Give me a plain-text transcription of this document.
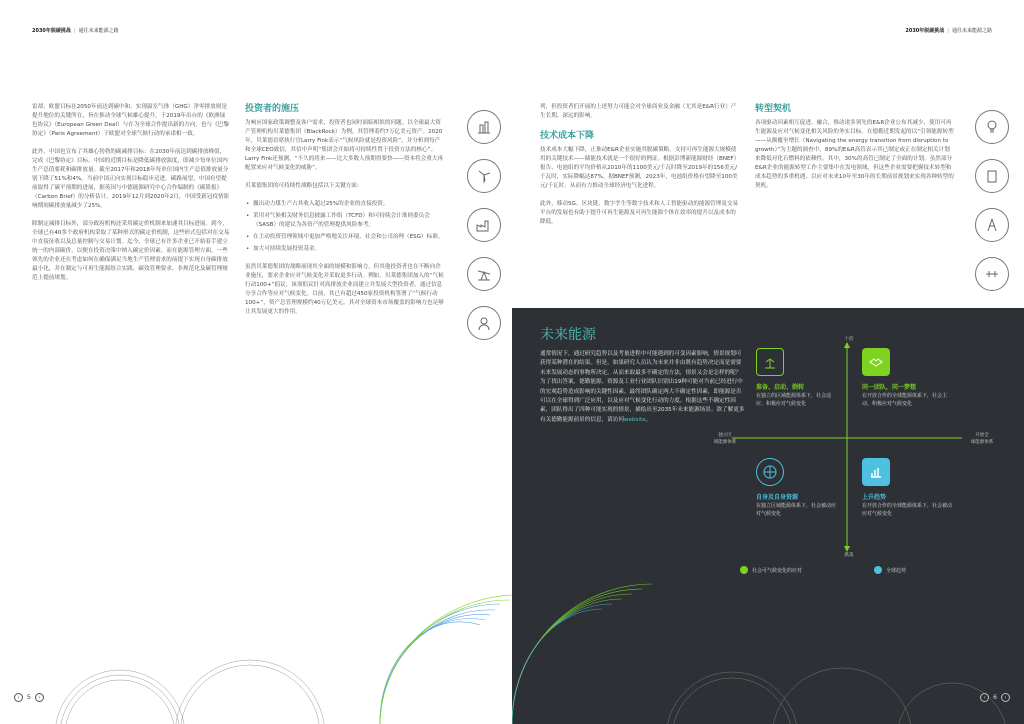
2030年脱碳挑战 | 通往未来能源之路

雷却，欧盟目标在2050年前达到碳中和。实现温室气体（GHG）净零排放则是提升地位的关键所在，旨在推动全球气候雄心提升，于2019年出台的《欧洲绿色协议》（European Green Deal）与在为全球合作提出新的方向，也与《巴黎协定》（Paris Agreement）下欧盟对全球气候行动的承诺相一致。

此外，中国也宣布了其雄心勃勃的碳减排目标：在2030年前达到碳排放峰值，完成《巴黎协定》目标。中国的近期目标是降低碳排放强度，即减少每单位国内生产总值要耗和碳排放量。截至2017年和2018年每单位国内生产总值排放量分别下降了51%和4%。当前中国正向实现目标稳步迈进。碳路展望，中国有望提前取得了碳平预期的进展，据英国与中德能源研究中心合作编制的《碳简报》（Carbon Brief）的分析估计，2019年12月到2020年2月，中国受新冠疫情影响期间碳排放量减少了25%。

除制定减排目标外，部分政府机构还采用碳定价机制来加速其目标进展。到今，全球已有40多个政府机构采取了某种形式的碳定价机制，这些形式包括对在交易中直接征收以及总量控制与交易计划。迄今，全球已有许多企业已开始着手建立统一的内部碳价，以便在投资决策中纳入碳定价因素。而在能源管理方面，一些领先的企业还在考虑如何在确保满足当地生产管理需求的前提下实现自身碳排放最小化，并在制定与可再生能源组合实践、碳效管理要求、非规范化及碳管理规范上提前规划。

投资者的施压

为响应国家政策调整及客户需求，投资者也同时面临相似的问题。以全球最大资产管理机构贝莱德集团（BlackRock）为例，其管理着约7万亿美元资产。2020年，贝莱德首席执行官Larry Fink表示“气候风险就是投资风险”，并分析到每产和全球CEO致信，其信中声明“集团会开始将可持续性置于投资方法的核心”。Larry Fink还预测，“不久的将来——比大多数人预期得要快——资本将会重大再配置来应对气候变化的威胁”。

贝莱德集团的可持续性战略包括以下关键方面：

• 撤出动力煤生产占其收入超过25%的企业的直接投资。
• 采用对气候相关财务信息披露工作组（TCFD）和可持续会计准则委员会（SASB）的建议为各资产的管理提供风险参考。
• 在主动投资管理领域中更加严格地关注环境、社会和公司治理（ESG）标准。
• 加大可持续发展投资基金。

虽然贝莱德集团的战略展现其全面的规模和影响力，但其他投资者也在不断向企业施压，要求企业应对气候变化并采取更多行动。例如，贝莱德集团加入的“气候行动100+”倡议，该项倡议针对高排放企业而建立并发展大型投资者，通过信息分享合作等应对气候变化。目前，其已有超过450家投资机构签署了“气候行动100+”，资产总管理规模约40万亿美元，其对全球资本市场覆盖的影响力也足够让其发展更大的作用。

‹	5	›
2030年脱碳挑战 | 通往未来能源之路

列，但投资者们开展的上述努力可能会对全球商业及金融（尤其是E&R行业）产生长期、深远的影响。

技术成本下降

技术成本大幅下降，正推动E&R企业实施其脱碳策略。支持可再生能源大规模使用的关键技术——储能技术就是一个很好的例证。根据彭博新能源财经（BNEF）报告，电池组的平均价格从2010年的1100美元/千瓦时降至2019年的156美元/千瓦时，实际降幅达87%。据BNEF预测，2023年，电池组价格有望降至100美元/千瓦时，从而有力推动全球经济电气化进程。

此外，移动5G、区块链、数字孪生等数字技术和人工智能驱动的能源管理及交易平台的发展也有助于提升可再生能源及可再生能源个体在效率的提升以及成本的降低。

转型契机

各项驱动因素相互促进、融合，推动诸多领先的E&R企业公布其减少、使用可再生能源及应对气候变化相关风险的务实目标。在德勤近期发起的以“引领能源转型——从颠覆至增长（Navigating the energy transition from disruption to growth）”为主题的调查中，89%的E&R高管表示其已制定或正在制定相关计划来降低对化石燃料的依赖性。其中，30%的高管已制定了全面的计划。虽然部分E&R企业的能源转型工作主要集中在发电领域，但这些企业需要把握技术转型和成本趋势的多重机遇，以应对未来10年至30年的长期前景规划来实现各种转型的契机。

未来能源
通常情况下，通过研究趋势以及考量进程中可能遇到的可变因素影响，情景规划可获得某种潜在的结果。但是，如果研究人员认为未来并非由既有趋势决定而是需要未来发展动态的事物所决定，从而来取最多不确定的方法，情景又会是怎样的呢？为了找出答案，德勤能源、资源及工业行业团队识别出19种可能对当前已经进行中的宏观趋势造成影响的关键性因素。最终团队确定两大不确定性因素，即能源是否可以在全球得到广泛应用，以及应对气候变化行动的力度。根据这些不确定性因素，团队得出了四种可能实现的情景，描绘出至2035年未来能源场景。欲了解更多有关德勤能源前景的信息，请访问website。
十倍
跌落
独立区
域能源体系
开放全
球能源体系
准备、启动、倒转
在独立的区域能源体系下，社会适应、积极应对气候变化
同一团队，同一梦想
在开放合作的全球能源体系下，社会主动、积极应对气候变化
自身及自身资源
在独立区域能源体系下，社会被动应对气候变化
上升趋势
在开放合作的全球能源体系下，社会被动应对气候变化
社会可气候变化的应对	全球趋势
‹	6	›
